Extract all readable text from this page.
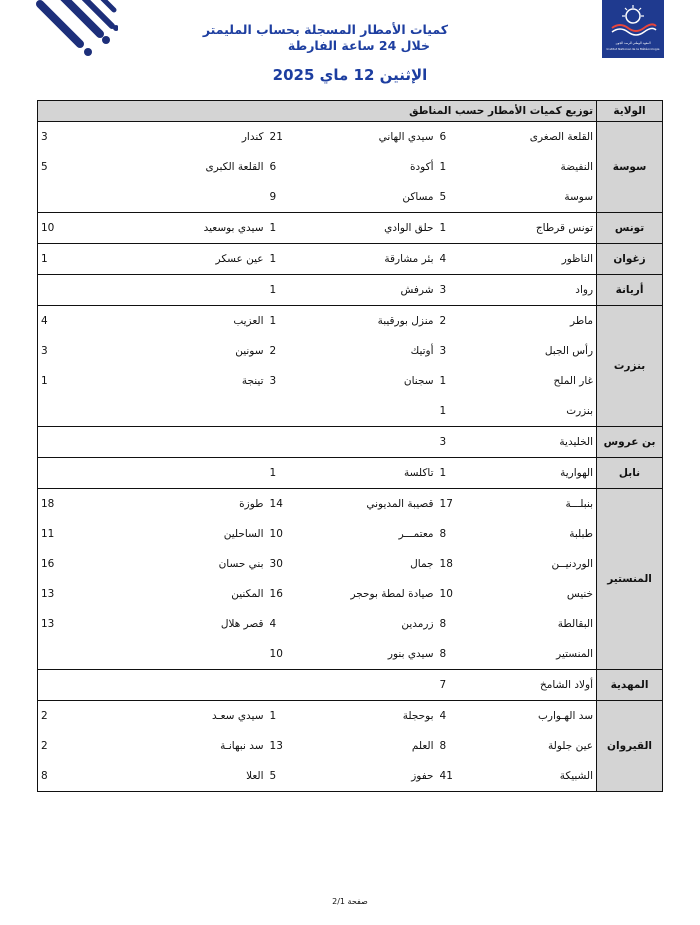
المعهد الوطني للرصد الجوي
Institut National de la Météorologie
كميات الأمطار المسجلة بحساب المليمتر
خلال 24 ساعة الفارطة
الإثنين 12 ماي 2025
الولاية	توزيع كميات الأمطار حسب المناطق					
سوسة	القلعة الصغرى	6	سيدي الهاني	21	كندار	3
	النفيضة	1	أكودة	6	القلعة الكبرى	5
	سوسة	5	مساكن	9		
تونس	تونس قرطاج	1	حلق الوادي	1	سيدي بوسعيد	10
زغوان	الناظور	4	بئر مشارقة	1	عين عسكر	1
أريانة	رواد	3	شرفش	1		
بنزرت	ماطر	2	منزل بورقيبة	1	العزيب	4
	رأس الجبل	3	أوتيك	2	سونين	3
	غار الملح	1	سجنان	3	تينجة	1
	بنزرت	1				
بن عروس	الخليدية	3				
نابل	الهوارية	1	تاكلسة	1		
المنستير	بنبلـــة	17	قصيبة المديوني	14	طوزة	18
	طبلبة	8	معتمـــر	10	الساحلين	11
	الوردنيــن	18	جمال	30	بني حسان	16
	خنيس	10	صيادة لمطة بوحجر	16	المكنين	13
	البقالطة	8	زرمدين	4	قصر هلال	13
	المنستير	8	سيدي بنور	10		
المهدية	أولاد الشامخ	7				
القيروان	سد الهـوارب	4	بوحجلة	1	سيدي سعـد	2
	عين جلولة	8	العلم	13	سد نبهانـة	2
	الشبيكة	41	حفوز	5	العلا	8
صفحة 2/1
